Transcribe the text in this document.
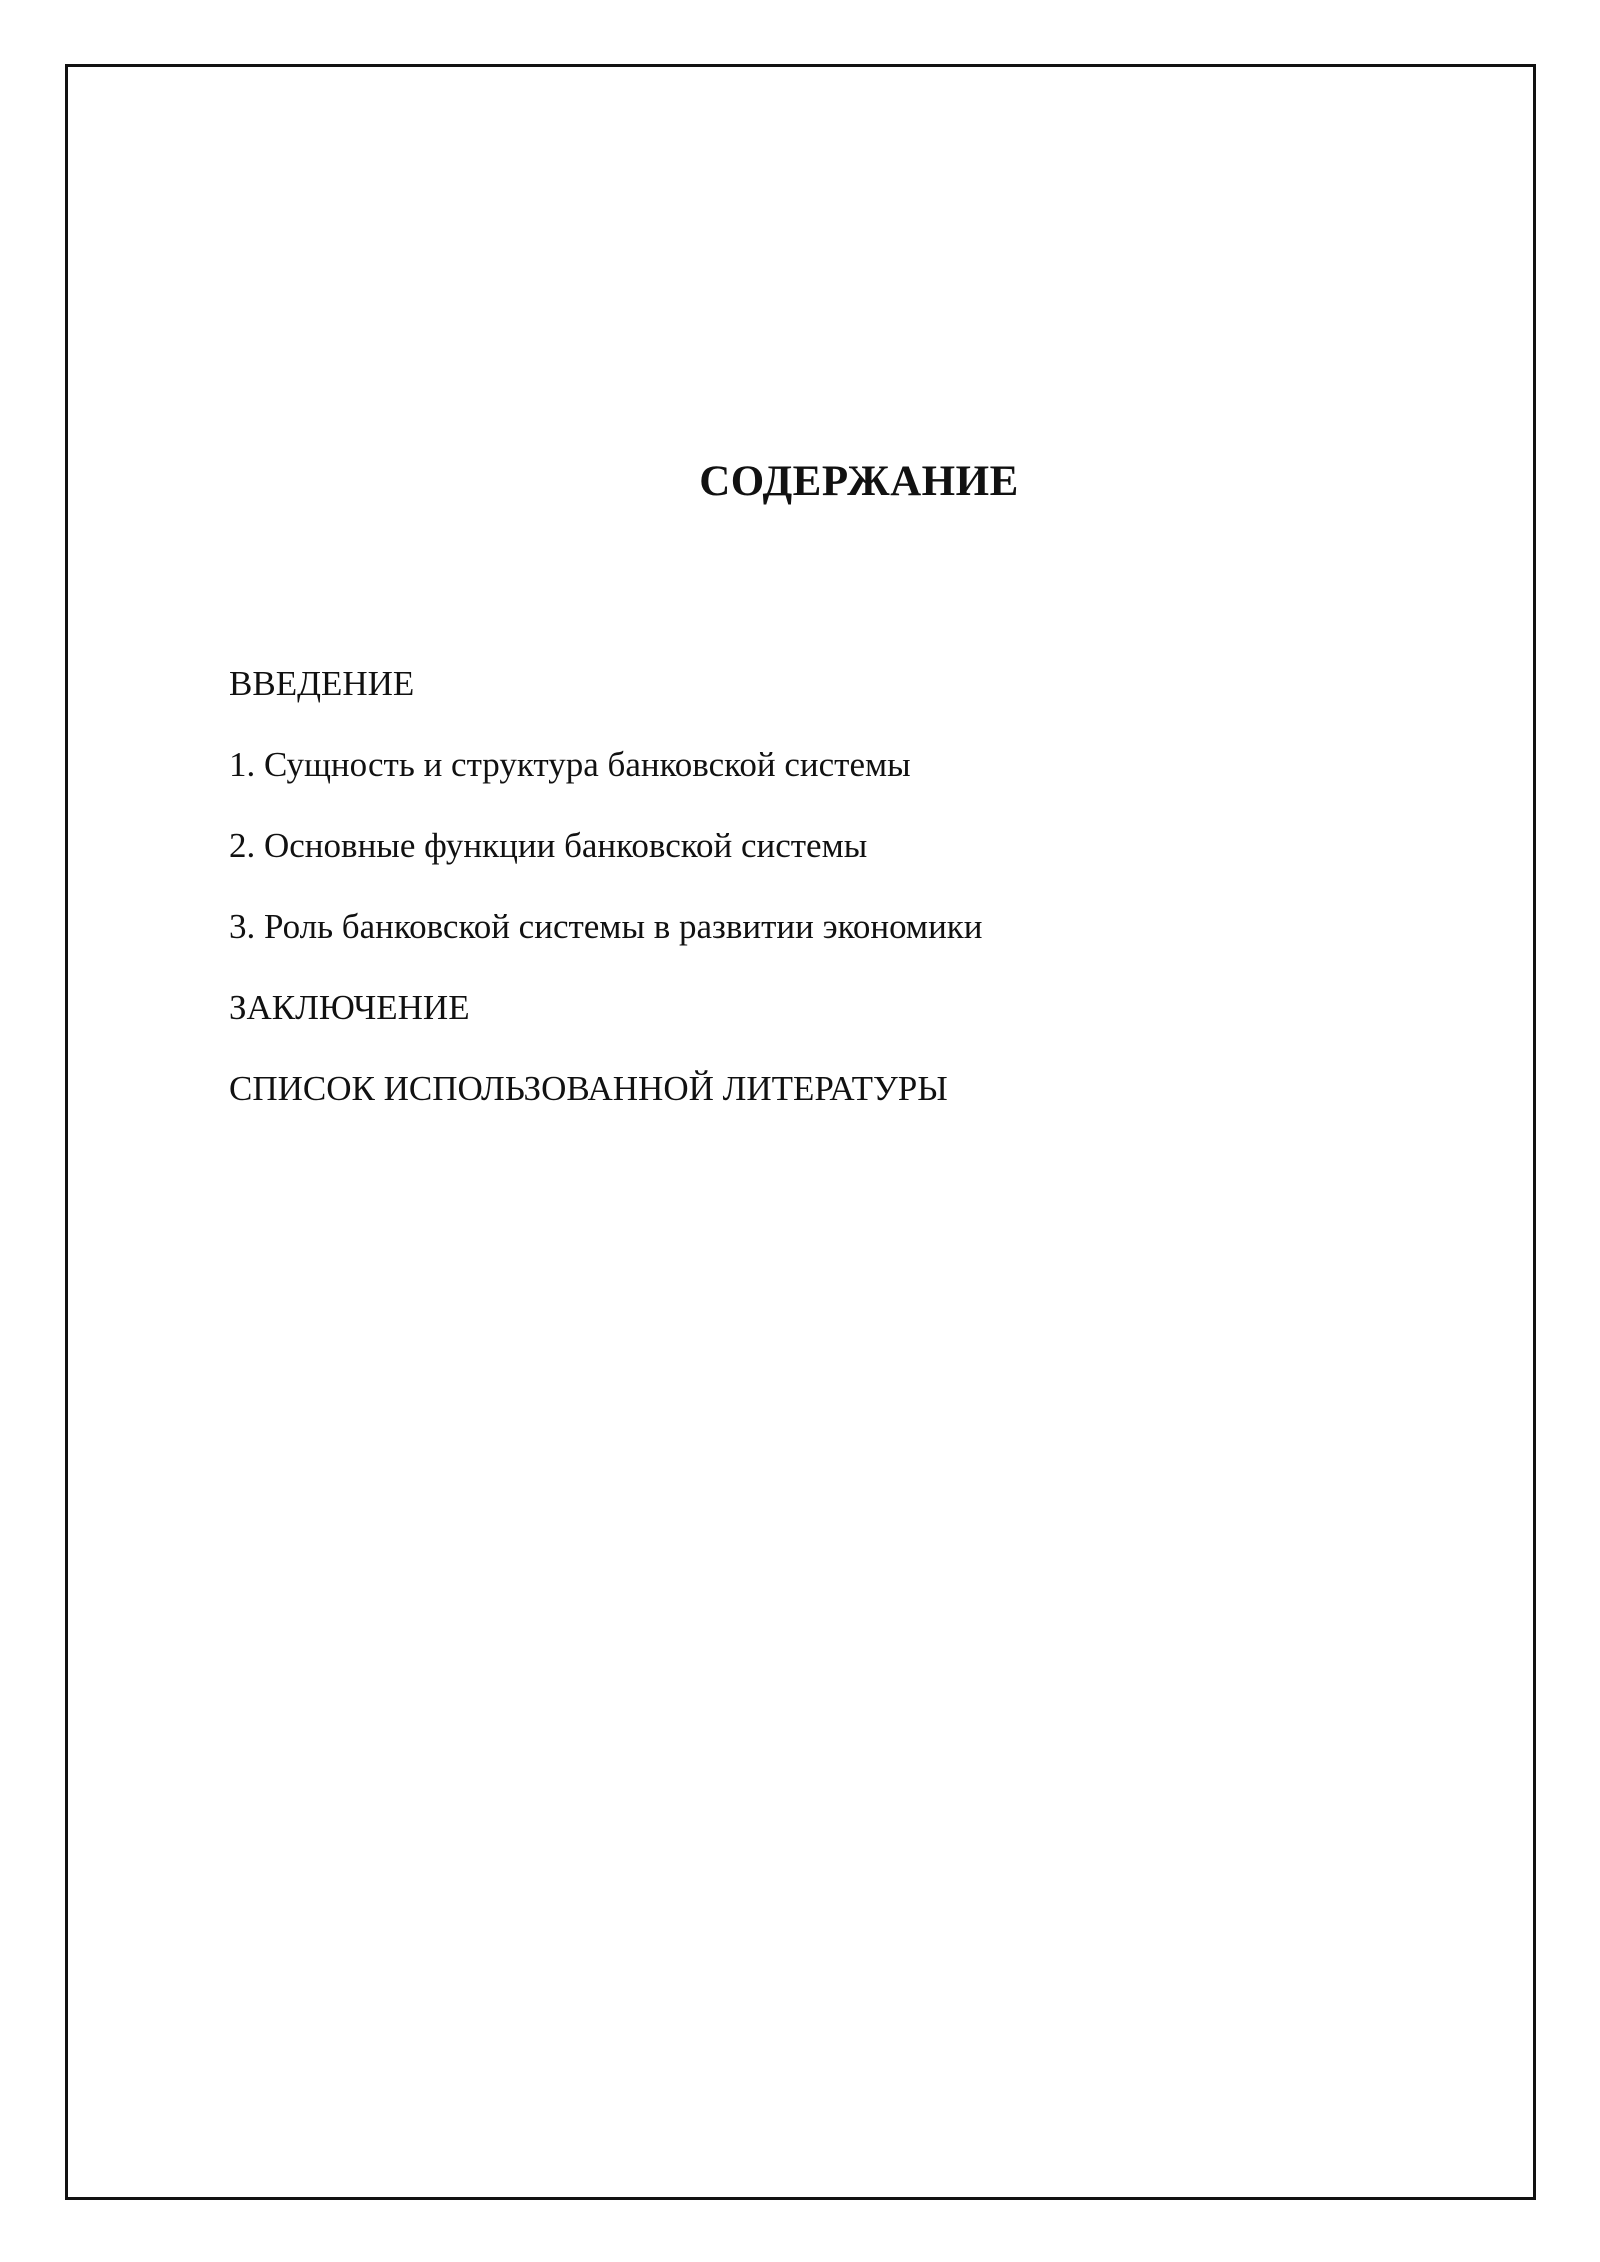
СОДЕРЖАНИЕ
ВВЕДЕНИЕ
1. Сущность и структура банковской системы
2. Основные функции банковской системы
3. Роль банковской системы в развитии экономики
ЗАКЛЮЧЕНИЕ
СПИСОК ИСПОЛЬЗОВАННОЙ ЛИТЕРАТУРЫ
